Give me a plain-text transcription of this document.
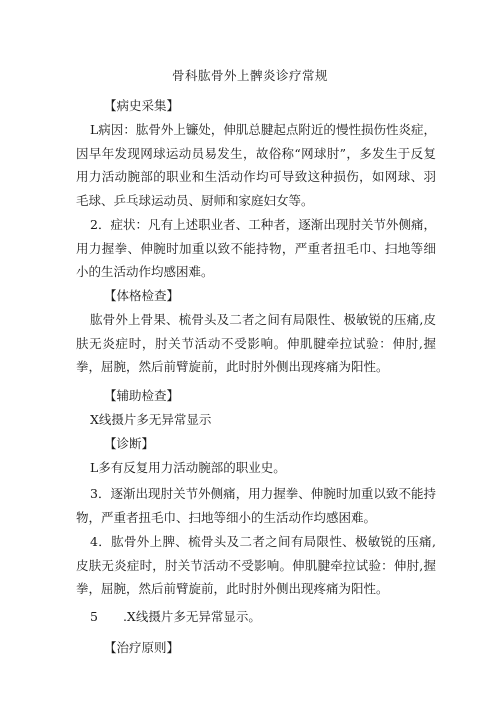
骨科肱骨外上髀炎诊疗常规
【病史采集】

L病因：肱骨外上镰处，伸肌总腱起点附近的慢性损伤性炎症，因早年发现网球运动员易发生，故俗称“网球肘”，多发生于反复用力活动腕部的职业和生活动作均可导致这种损伤，如网球、羽毛球、乒乓球运动员、厨师和家庭妇女等。

2．症状：凡有上述职业者、工种者，逐渐出现肘关节外侧痛，用力握拳、伸腕时加重以致不能持物，严重者扭毛巾、扫地等细小的生活动作均感困难。

【体格检查】

肱骨外上骨果、梳骨头及二者之间有局限性、极敏锐的压痛,皮肤无炎症时，肘关节活动不受影响。伸肌腱牵拉试验：伸肘,握拳，屈腕，然后前臂旋前，此时肘外侧出现疼痛为阳性。

【辅助检查】

X线摄片多无异常显示

【诊断】

L多有反复用力活动腕部的职业史。

3．逐渐出现肘关节外侧痛，用力握拳、伸腕时加重以致不能持物，严重者扭毛巾、扫地等细小的生活动作均感困难。

4．肱骨外上脾、梳骨头及二者之间有局限性、极敏锐的压痛,皮肤无炎症时，肘关节活动不受影响。伸肌腱牵拉试验：伸肘,握拳，屈腕，然后前臂旋前，此时肘外侧出现疼痛为阳性。

5　　.X线摄片多无异常显示。

【治疗原则】
